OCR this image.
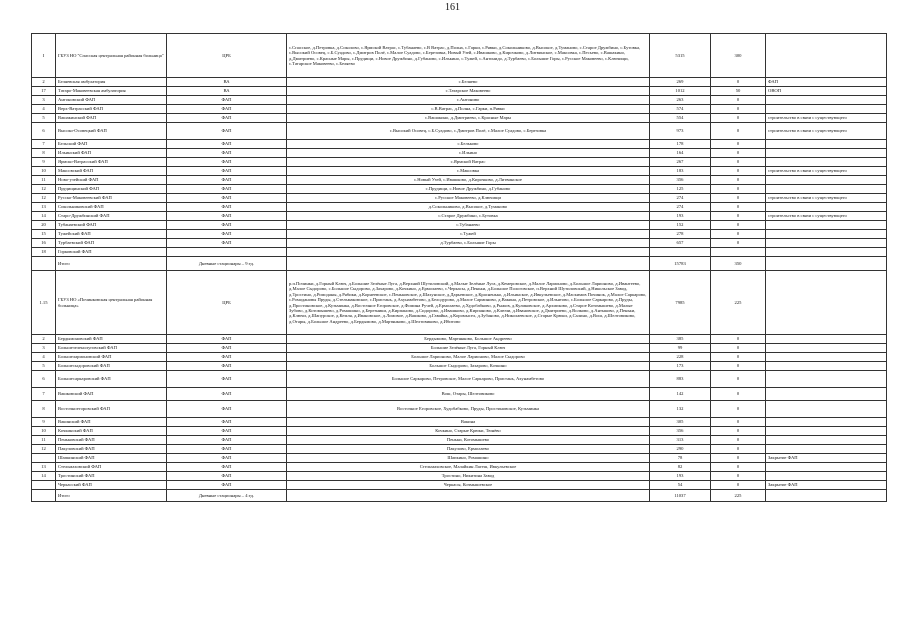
161
I	ГБУЗ НО "Спасская центральная районная больница"	ЦРБ	с.Спасское, д.Петровка, д.Соколово, с.Ярмской Ватрас, с.Тубанаево, с.В Ватрас, д.Полна, с.Гарки, с.Рявки, д.Сокольниково, д.Высокое, д.Туманово, с.Старое Дружбино, с.Бутовка, с.Высокий Осовец, с.Б.Суадово, с.Дмитров Полё, с.Малое Суадово, с.Березовка, Новый Узей, с.Ивашково, д.Кирочково, д.Литвинское, с.Максовка, с.Песьево, с.Вашакино, д.Дмитриево, с.Красные Мары, с.Прудищи, с.Новое Дружбино, д.Губаново, с.Илькино, с.Тужей, с.Антонидо, д.Турбаево, с.Большие Горы, с.Русское Маковеево, с.Ключищи, с.Татарское Маковеево, с.Беляево	5315	300	
2	Беляевская амбулатория	ВА	с.Беляево	269	0	ФАП
17	Татаро-Маковеевская амбулатория	ВА	с.Татарское Маковеево	1012	50	ОВОП
3	Антоновский ФАП	ФАП	с.Антониво	263	0	
4	Верх-Ватрасский ФАП	ФАП	с.В.Ватрас, д.Полна, с.Гарки, п.Рявки	574	0	
5	Вашакинский ФАП	ФАП	с.Вашакино, д.Дмитриево, с.Красные Мары	554	0	строительство в связи с существующего
6	Высоко-Осовецкий ФАП	ФАП	с.Высокий Осовец, с.Б.Суадово, с.Дмитров Полё, с.Малое Суадово, с.Березовка	973	0	строительство в связи с существующего
7	Бельский ФАП	ФАП	с.Бельково	178	0	
8	Ильинский ФАП	ФАП	с.Ильино	164	0	
9	Ярмско-Ватрасский ФАП	ФАП	с.Ярмской Ватрас	267	0	
10	Максовский ФАП	ФАП	с.Максовка	183	0	строительство в связи с существующего
11	Ново-узейский ФАП	ФАП	с.Новый Узей, с.Ивашково, д.Кирочково, д.Литвинское	356	0	
12	Прудищинский ФАП	ФАП	с.Прудищи, с.Новое Дружбино, д.Губаново	125	0	
12	Русско-Маковеевский ФАП	ФАП	с.Русское Маковеево, д.Ключищи	274	0	строительство в связи с существующего
13	Сокольниковский ФАП	ФАП	д.Сокольниково, д.Высокое, д.Туманово	274	0	
14	Старо-Дружбинский ФАП	ФАП	с.Старое Дружбино, с.Бутовка	193	0	строительство в связи с существующего
20	Тубанаевский ФАП	ФАП	с.Тубанаево	152	0	
15	Тужейский ФАП	ФАП	с.Тужей	278	0	
16	Турбаевский ФАП	ФАП	д.Турбаево, с.Большие Горы	657	0	
18	Горковский ФАП					
	Итого	Дневные стационары – 9 ед.		15783	350	
1.15	ГБУЗ НО «Починковская центральная районная больница»	ЦРБ	р.п.Починки, д.Горный Ключ, д.Большие Зелёные Луга, д.Верхний Шутиловский, д.Малые Зелёные Луга, д.Кемеровское, д.Малое Ларионово, д.Большое Ларионово, д.Ивантеево, д.Малое Сыдорово, с.Большое Сыдорово, д.Захарово, д.Кочкино, д.Ермолаево, с.Черкасы, д.Пеньки, д.Большое Пологовское, п.Верхний Шутиловский, д.Никольское Завод, д.Тростино, д.Ромоданы, д.Рябики, д.Корнеевское, с.Пеньковское, д.Шахунское, д.Дарьевское, д.Красненько, д.Ильинское, д.Ивкульевское, д.Маскимов Починок, д.Малое Саркарово, с.Ромодановы Пруды, д.Стельмаковское, с.Пристань, д.Ахунамбетово, д.Белодурово, д.Малое Сарминово, д.Вакина, д.Петровское, д.Ильятово, с.Большое Саркарово, д.Пруды, д.Простиновское, д.Кузьминка, д.Восточное Егоровское, д.Фомина Ручей, д.Ермолаево, д.Худобабково, д.Рыжов, д.Куликовское, д.Архипково, д.Старое Котомышево, д.Малые Зубово, д.Котомышево, д.Ромашино, д.Березники, д.Кирпаново, д.Сидорово, д.Ивашково, д.Кирпаново, д.Ключи, д.Ивановское, д.Дмитриево, д.Волково, д.Антыково, д.Пеньки, д.Ключи, д.Шапурское, д.Кемля, д.Ивановское, д.Ломовое, д.Вашково, д.Гавайка, д.Коромысел, д.Зубаново, д.Николаевское, д.Старые Крюки, д.Салино, д.Вош, д.Шелтовиково, д.Отары, д.Большое Андреево, д.Бердымово, д.Мартянково, д.Шелтовиково, д.Ибитово	7985	225	
2	Бердымоновский ФАП	ФАП	Бердымово, Мартянково, Большое Андреево	385	0	
3	Большезеленолуговский ФАП	ФАП	Большие Зелёные Луга, Горный Ключ	99	0	
4	Большеларионовский ФАП	ФАП	Большое Ларионово, Малое Ларионово, Малое Сыдорово	228	0	
5	Большесыдоровский ФАП	ФАП	Большое Сыдорово, Захарово, Кочкино	173	0	
6	Большесаркаровский ФАП	ФАП	Большое Саркарово, Петровское, Малое Саркарово, Пристань, Ахунамбетово	883	0	
7	Вашковский ФАП	ФАП	Вош, Отары, Шелтовиково	142	0	
8	Восточноегоровский ФАП	ФАП	Восточное Егоровское, Худобабково, Пруды, Простиновское, Кузьминка	132	0	
9	Вакинский ФАП	ФАП	Вакина	305	0	
10	Кочкинский ФАП	ФАП	Кочкино, Старые Крюки, Тюнёво	356	0	
11	Пеньковский ФАП	ФАП	Пеньки, Котомышево	313	0	
12	Пакуловский ФАП	ФАП	Пакулово, Ермолаево	290	0	
	Шапкинский ФАП	ФАП	Шапкино, Ромашино	78	0	Закрытие ФАП
13	Стельмаховский ФАП	ФАП	Стельмаховское, Малайкин Лагеш, Ивкульевское	82	0	
14	Тростинский ФАП	ФАП	Тростино, Никитина Завод	193	0	
	Черкасский ФАП	ФАП	Черкасы, Кочмышевское	54	0	Закрытие ФАП
	Итого	Дневные стационары – 4 ед.		11037	225	
